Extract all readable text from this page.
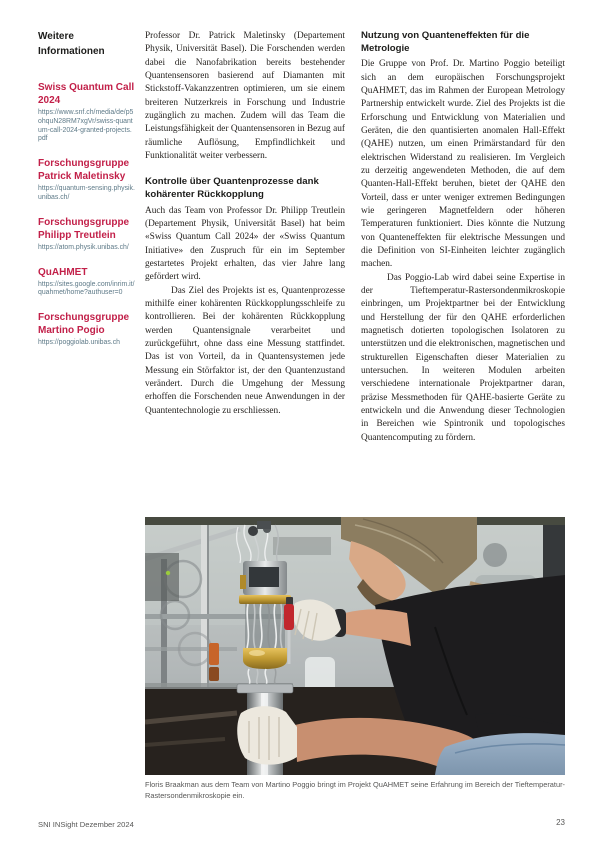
Weitere Informationen
Swiss Quantum Call 2024
https://www.snf.ch/media/de/p5ohquN28RM7xgVr/swiss-quantum-call-2024-granted-projects.pdf
Forschungsgruppe Patrick Maletinsky
https://quantum-sensing.physik.unibas.ch/
Forschungsgruppe Philipp Treutlein
https://atom.physik.unibas.ch/
QuAHMET
https://sites.google.com/inrim.it/quahmet/home?authuser=0
Forschungsgruppe Martino Pogio
https://poggiolab.unibas.ch

Professor Dr. Patrick Maletinsky (Departement Physik, Universität Basel). Die Forschenden werden dabei die Nanofabrikation bereits bestehender Quantensensoren basierend auf Diamanten mit Stickstoff-Vakanzzentren optimieren, um sie einem breiteren Nutzerkreis in Forschung und Industrie zugänglich zu machen. Zudem will das Team die Leistungsfähigkeit der Quantensensoren in Bezug auf räumliche Auflösung, Empfindlichkeit und Funktionalität weiter verbessern.

Kontrolle über Quantenprozesse dank kohärenter Rückkopplung

Auch das Team von Professor Dr. Philipp Treutlein (Departement Physik, Universität Basel) hat beim «Swiss Quantum Call 2024» der «Swiss Quantum Initiative» den Zuspruch für ein im September gestartetes Projekt erhalten, das vier Jahre lang gefördert wird.

Das Ziel des Projekts ist es, Quantenprozesse mithilfe einer kohärenten Rückkopplungsschleife zu kontrollieren. Bei der kohärenten Rückkopplung werden Quantensignale verarbeitet und zurückgeführt, ohne dass eine Messung stattfindet. Das ist von Vorteil, da in Quantensystemen jede Messung ein Störfaktor ist, der den Quantenzustand verändert. Durch die Umgehung der Messung erhoffen die Forschenden neue Anwendungen in der Quantentechnologie zu erschliessen.

Nutzung von Quanteneffekten für die Metrologie

Die Gruppe von Prof. Dr. Martino Poggio beteiligt sich an dem europäischen Forschungsprojekt QuAHMET, das im Rahmen der European Metrology Partnership entwickelt wurde. Ziel des Projekts ist die Erforschung und Entwicklung von Materialien und Geräten, die den quantisierten anomalen Hall-Effekt (QAHE) nutzen, um einen Primärstandard für den elektrischen Widerstand zu realisieren. Im Vergleich zu derzeitig angewendeten Methoden, die auf dem Quanten-Hall-Effekt beruhen, bietet der QAHE den Vorteil, dass er unter weniger extremen Bedingungen wie geringeren Magnetfeldern oder höheren Temperaturen funktioniert. Dies könnte die Nutzung von Quanteneffekten für elektrische Messungen und die Definition von SI-Einheiten leichter zugänglich machen.

Das Poggio-Lab wird dabei seine Expertise in der Tieftemperatur-Rastersondenmikroskopie einbringen, um Projektpartner bei der Entwicklung und Herstellung der für den QAHE erforderlichen magnetisch dotierten topologischen Isolatoren zu unterstützen und die elektronischen, magnetischen und strukturellen Eigenschaften dieser Materialien zu untersuchen. In weiteren Modulen arbeiten verschiedene internationale Projektpartner daran, präzise Messmethoden für QAHE-basierte Geräte zu entwickeln und die Anwendung dieser Technologien in Bereichen wie Spintronik und topologisches Quantencomputing zu fördern.

Floris Braakman aus dem Team von Martino Poggio bringt im Projekt QuAHMET seine Erfahrung im Bereich der Tieftemperatur-Rastersondenmikroskopie ein.
SNI INSight Dezember 2024	23
